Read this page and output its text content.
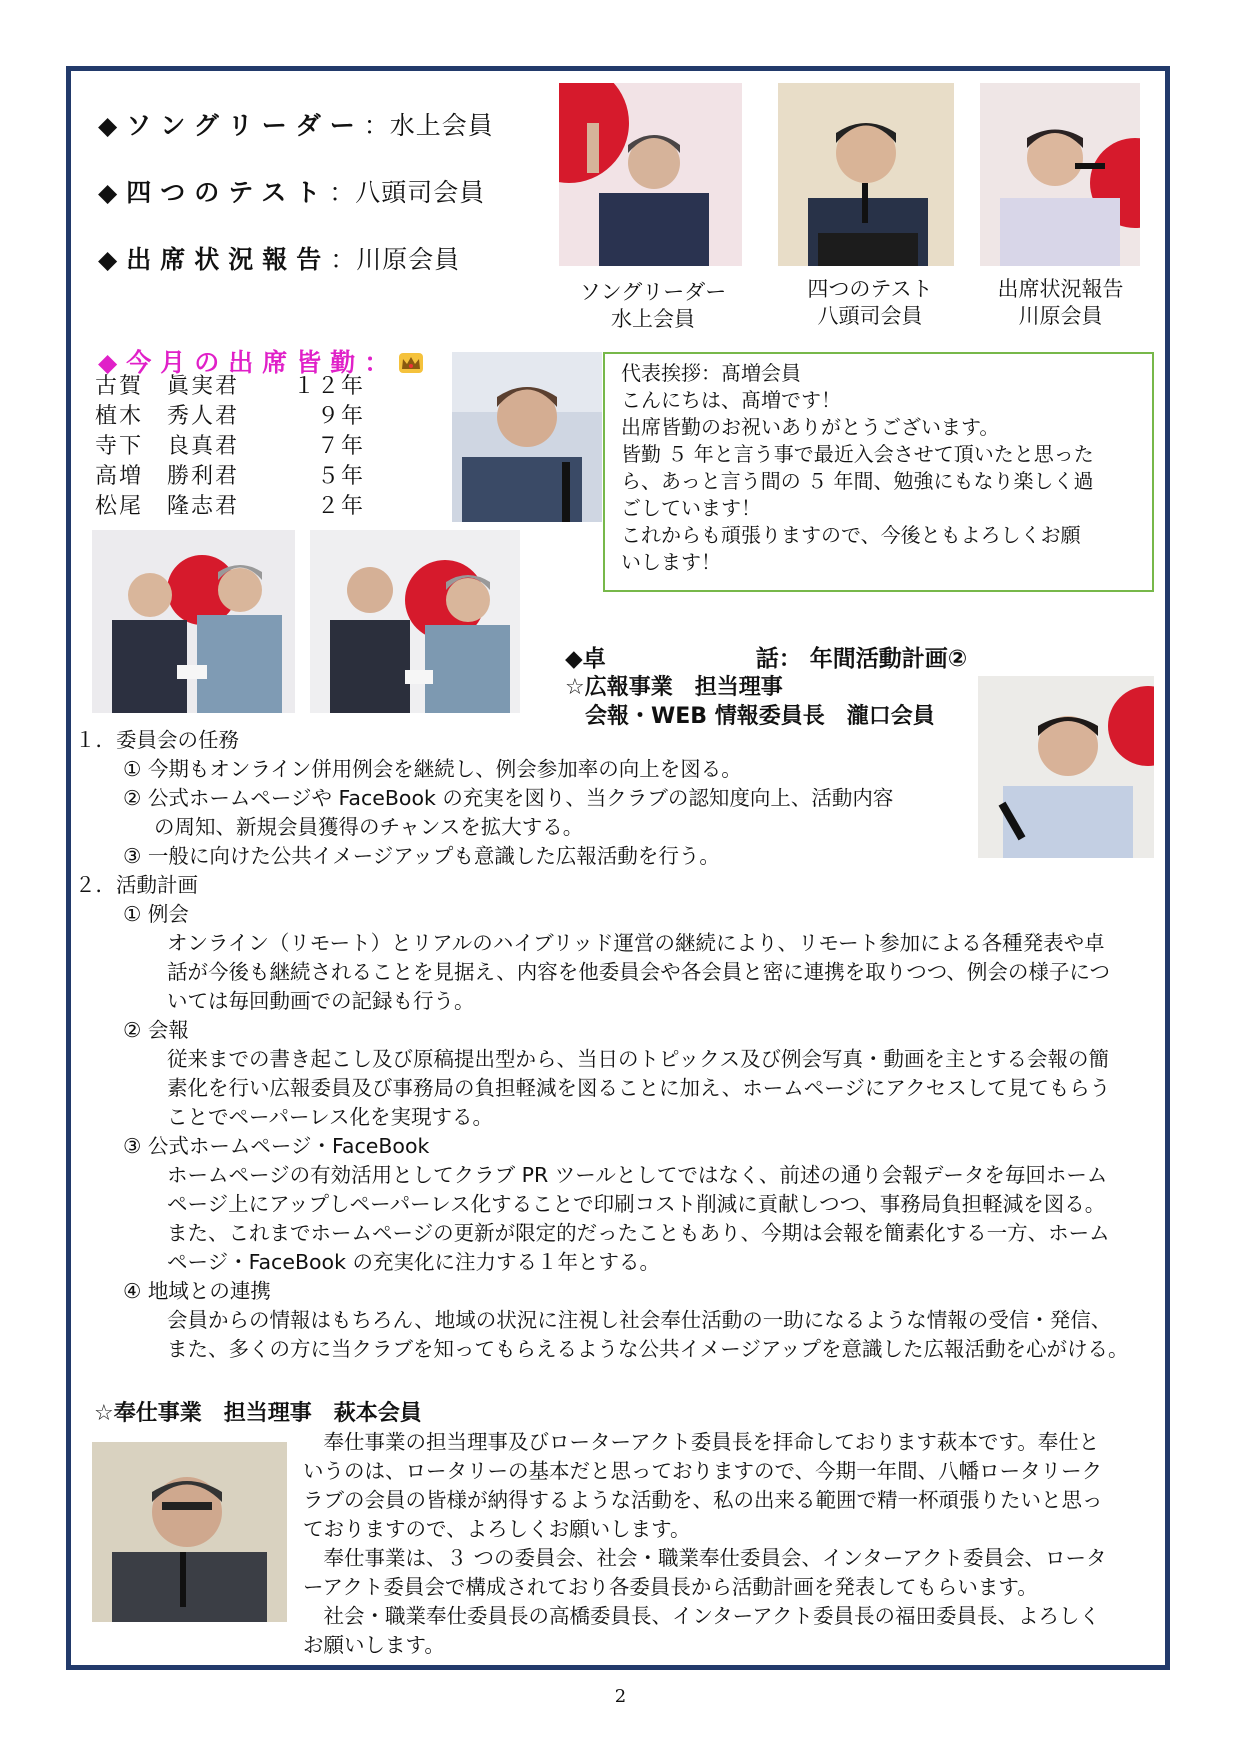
◆ソングリーダー：水上会員
◆四つのテスト：八頭司会員
◆出席状況報告：川原会員
ソングリーダー
水上会員
四つのテスト
八頭司会員
出席状況報告
川原会員
◆今月の出席皆勤：
古賀　眞実君	１２年
植木　秀人君	９年
寺下　良真君	７年
高増　勝利君	５年
松尾　隆志君	２年
代表挨拶：髙増会員
こんにちは、髙増です！
出席皆勤のお祝いありがとうございます。
皆勤 ５ 年と言う事で最近入会させて頂いたと思った
ら、あっと言う間の ５ 年間、勉強にもなり楽しく過
ごしています！
これからも頑張りますので、今後ともよろしくお願
いします！
◆卓	話： 年間活動計画②
☆広報事業　担当理事
会報・WEB 情報委員長　瀧口会員

１．委員会の任務

① 今期もオンライン併用例会を継続し、例会参加率の向上を図る。

② 公式ホームページや FaceBook の充実を図り、当クラブの認知度向上、活動内容

の周知、新規会員獲得のチャンスを拡大する。

③ 一般に向けた公共イメージアップも意識した広報活動を行う。

２．活動計画

① 例会

オンライン（リモート）とリアルのハイブリッド運営の継続により、リモート参加による各種発表や卓

話が今後も継続されることを見据え、内容を他委員会や各会員と密に連携を取りつつ、例会の様子につ

いては毎回動画での記録も行う。

② 会報

従来までの書き起こし及び原稿提出型から、当日のトピックス及び例会写真・動画を主とする会報の簡

素化を行い広報委員及び事務局の負担軽減を図ることに加え、ホームページにアクセスして見てもらう

ことでペーパーレス化を実現する。

③ 公式ホームページ・FaceBook

ホームページの有効活用としてクラブ PR ツールとしてではなく、前述の通り会報データを毎回ホーム

ページ上にアップしペーパーレス化することで印刷コスト削減に貢献しつつ、事務局負担軽減を図る。

また、これまでホームページの更新が限定的だったこともあり、今期は会報を簡素化する一方、ホーム

ページ・FaceBook の充実化に注力する１年とする。

④ 地域との連携

会員からの情報はもちろん、地域の状況に注視し社会奉仕活動の一助になるような情報の受信・発信、

また、多くの方に当クラブを知ってもらえるような公共イメージアップを意識した広報活動を心がける。

☆奉仕事業　担当理事　萩本会員
　奉仕事業の担当理事及びローターアクト委員長を拝命しております萩本です。奉仕と
いうのは、ロータリーの基本だと思っておりますので、今期一年間、八幡ロータリーク
ラブの会員の皆様が納得するような活動を、私の出来る範囲で精一杯頑張りたいと思っ
ておりますので、よろしくお願いします。
　奉仕事業は、３ つの委員会、社会・職業奉仕委員会、インターアクト委員会、ロータ
ーアクト委員会で構成されており各委員長から活動計画を発表してもらいます。
　社会・職業奉仕委員長の高橋委員長、インターアクト委員長の福田委員長、よろしく
お願いします。
2
